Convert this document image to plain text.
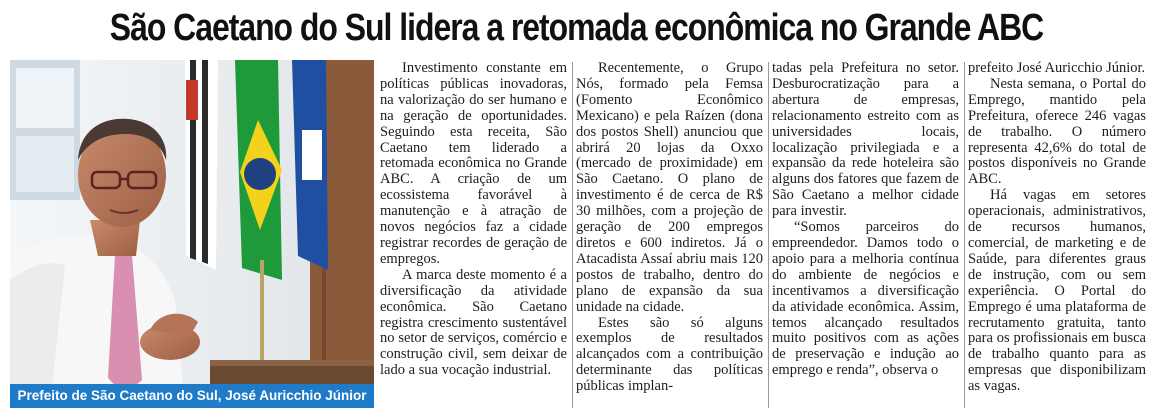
São Caetano do Sul lidera a retomada econômica no Grande ABC
Prefeito de São Caetano do Sul, José Auricchio Júnior

Investimento constante em políticas públicas inovadoras, na valorização do ser humano e na geração de oportunidades. Seguindo esta receita, São Caetano tem liderado a retomada econômica no Grande ABC. A criação de um ecossistema favorável à manutenção e à atração de novos negócios faz a cidade registrar recordes de geração de empregos.

A marca deste momento é a diversificação da atividade econômica. São Caetano registra crescimento sustentável no setor de serviços, comércio e construção civil, sem deixar de lado a sua vocação industrial.

Recentemente, o Grupo Nós, formado pela Femsa (Fomento Econômico Mexicano) e pela Raízen (dona dos postos Shell) anunciou que abrirá 20 lojas da Oxxo (mercado de proximidade) em São Caetano. O plano de investimento é de cerca de R$ 30 milhões, com a projeção de geração de 200 empregos diretos e 600 indiretos. Já o Atacadista Assaí abriu mais 120 postos de trabalho, dentro do plano de expansão da sua unidade na cidade.

Estes são só alguns exemplos de resultados alcançados com a contribuição determinante das políticas públicas implan-

tadas pela Prefeitura no setor. Desburocratização para a abertura de empresas, relacionamento estreito com as universidades locais, localização privilegiada e a expansão da rede hoteleira são alguns dos fatores que fazem de São Caetano a melhor cidade para investir.

“Somos parceiros do empreendedor. Damos todo o apoio para a melhoria contínua do ambiente de negócios e incentivamos a diversificação da atividade econômica. Assim, temos alcançado resultados muito positivos com as ações de preservação e indução ao emprego e renda”, observa o

prefeito José Auricchio Júnior.

Nesta semana, o Portal do Emprego, mantido pela Prefeitura, oferece 246 vagas de trabalho. O número representa 42,6% do total de postos disponíveis no Grande ABC.

Há vagas em setores operacionais, administrativos, de recursos humanos, comercial, de marketing e de Saúde, para diferentes graus de instrução, com ou sem experiência. O Portal do Emprego é uma plataforma de recrutamento gratuita, tanto para os profissionais em busca de trabalho quanto para as empresas que disponibilizam as vagas.
